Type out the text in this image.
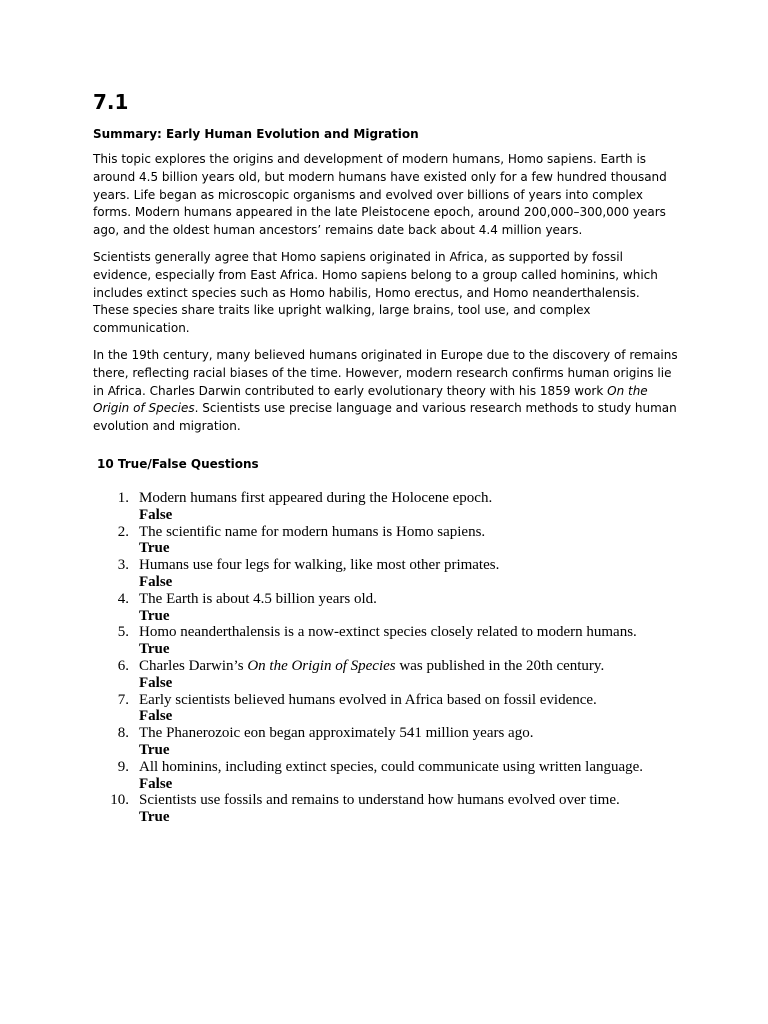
7.1
Summary: Early Human Evolution and Migration

This topic explores the origins and development of modern humans, Homo sapiens. Earth is around 4.5 billion years old, but modern humans have existed only for a few hundred thousand years. Life began as microscopic organisms and evolved over billions of years into complex forms. Modern humans appeared in the late Pleistocene epoch, around 200,000–300,000 years ago, and the oldest human ancestors’ remains date back about 4.4 million years.

Scientists generally agree that Homo sapiens originated in Africa, as supported by fossil evidence, especially from East Africa. Homo sapiens belong to a group called hominins, which includes extinct species such as Homo habilis, Homo erectus, and Homo neanderthalensis. These species share traits like upright walking, large brains, tool use, and complex communication.

In the 19th century, many believed humans originated in Europe due to the discovery of remains there, reflecting racial biases of the time. However, modern research confirms human origins lie in Africa. Charles Darwin contributed to early evolutionary theory with his 1859 work On the Origin of Species. Scientists use precise language and various research methods to study human evolution and migration.

10 True/False Questions
1. Modern humans first appeared during the Holocene epoch.
False
2. The scientific name for modern humans is Homo sapiens.
True
3. Humans use four legs for walking, like most other primates.
False
4. The Earth is about 4.5 billion years old.
True
5. Homo neanderthalensis is a now-extinct species closely related to modern humans.
True
6. Charles Darwin’s On the Origin of Species was published in the 20th century.
False
7. Early scientists believed humans evolved in Africa based on fossil evidence.
False
8. The Phanerozoic eon began approximately 541 million years ago.
True
9. All hominins, including extinct species, could communicate using written language.
False
10. Scientists use fossils and remains to understand how humans evolved over time.
True
